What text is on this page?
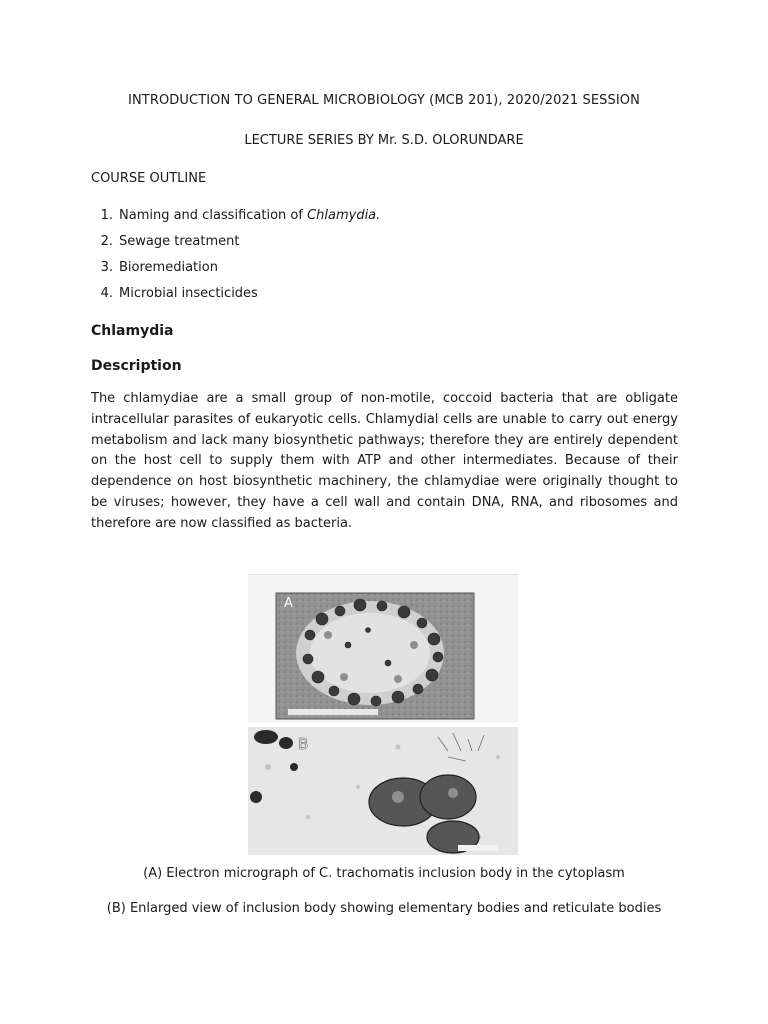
INTRODUCTION TO GENERAL MICROBIOLOGY (MCB 201), 2020/2021 SESSION
LECTURE SERIES BY Mr. S.D. OLORUNDARE
COURSE OUTLINE
1. Naming and classification of Chlamydia.
2. Sewage treatment
3. Bioremediation
4. Microbial insecticides
Chlamydia
Description
The chlamydiae are a small group of non-motile, coccoid bacteria that are obligate intracellular parasites of eukaryotic cells. Chlamydial cells are unable to carry out energy metabolism and lack many biosynthetic pathways; therefore they are entirely dependent on the host cell to supply them with ATP and other intermediates. Because of their dependence on host biosynthetic machinery, the chlamydiae were originally thought to be viruses; however, they have a cell wall and contain DNA, RNA, and ribosomes and therefore are now classified as bacteria.
A
B
(A) Electron micrograph of C. trachomatis inclusion body in the cytoplasm
(B) Enlarged view of inclusion body showing elementary bodies and reticulate bodies
